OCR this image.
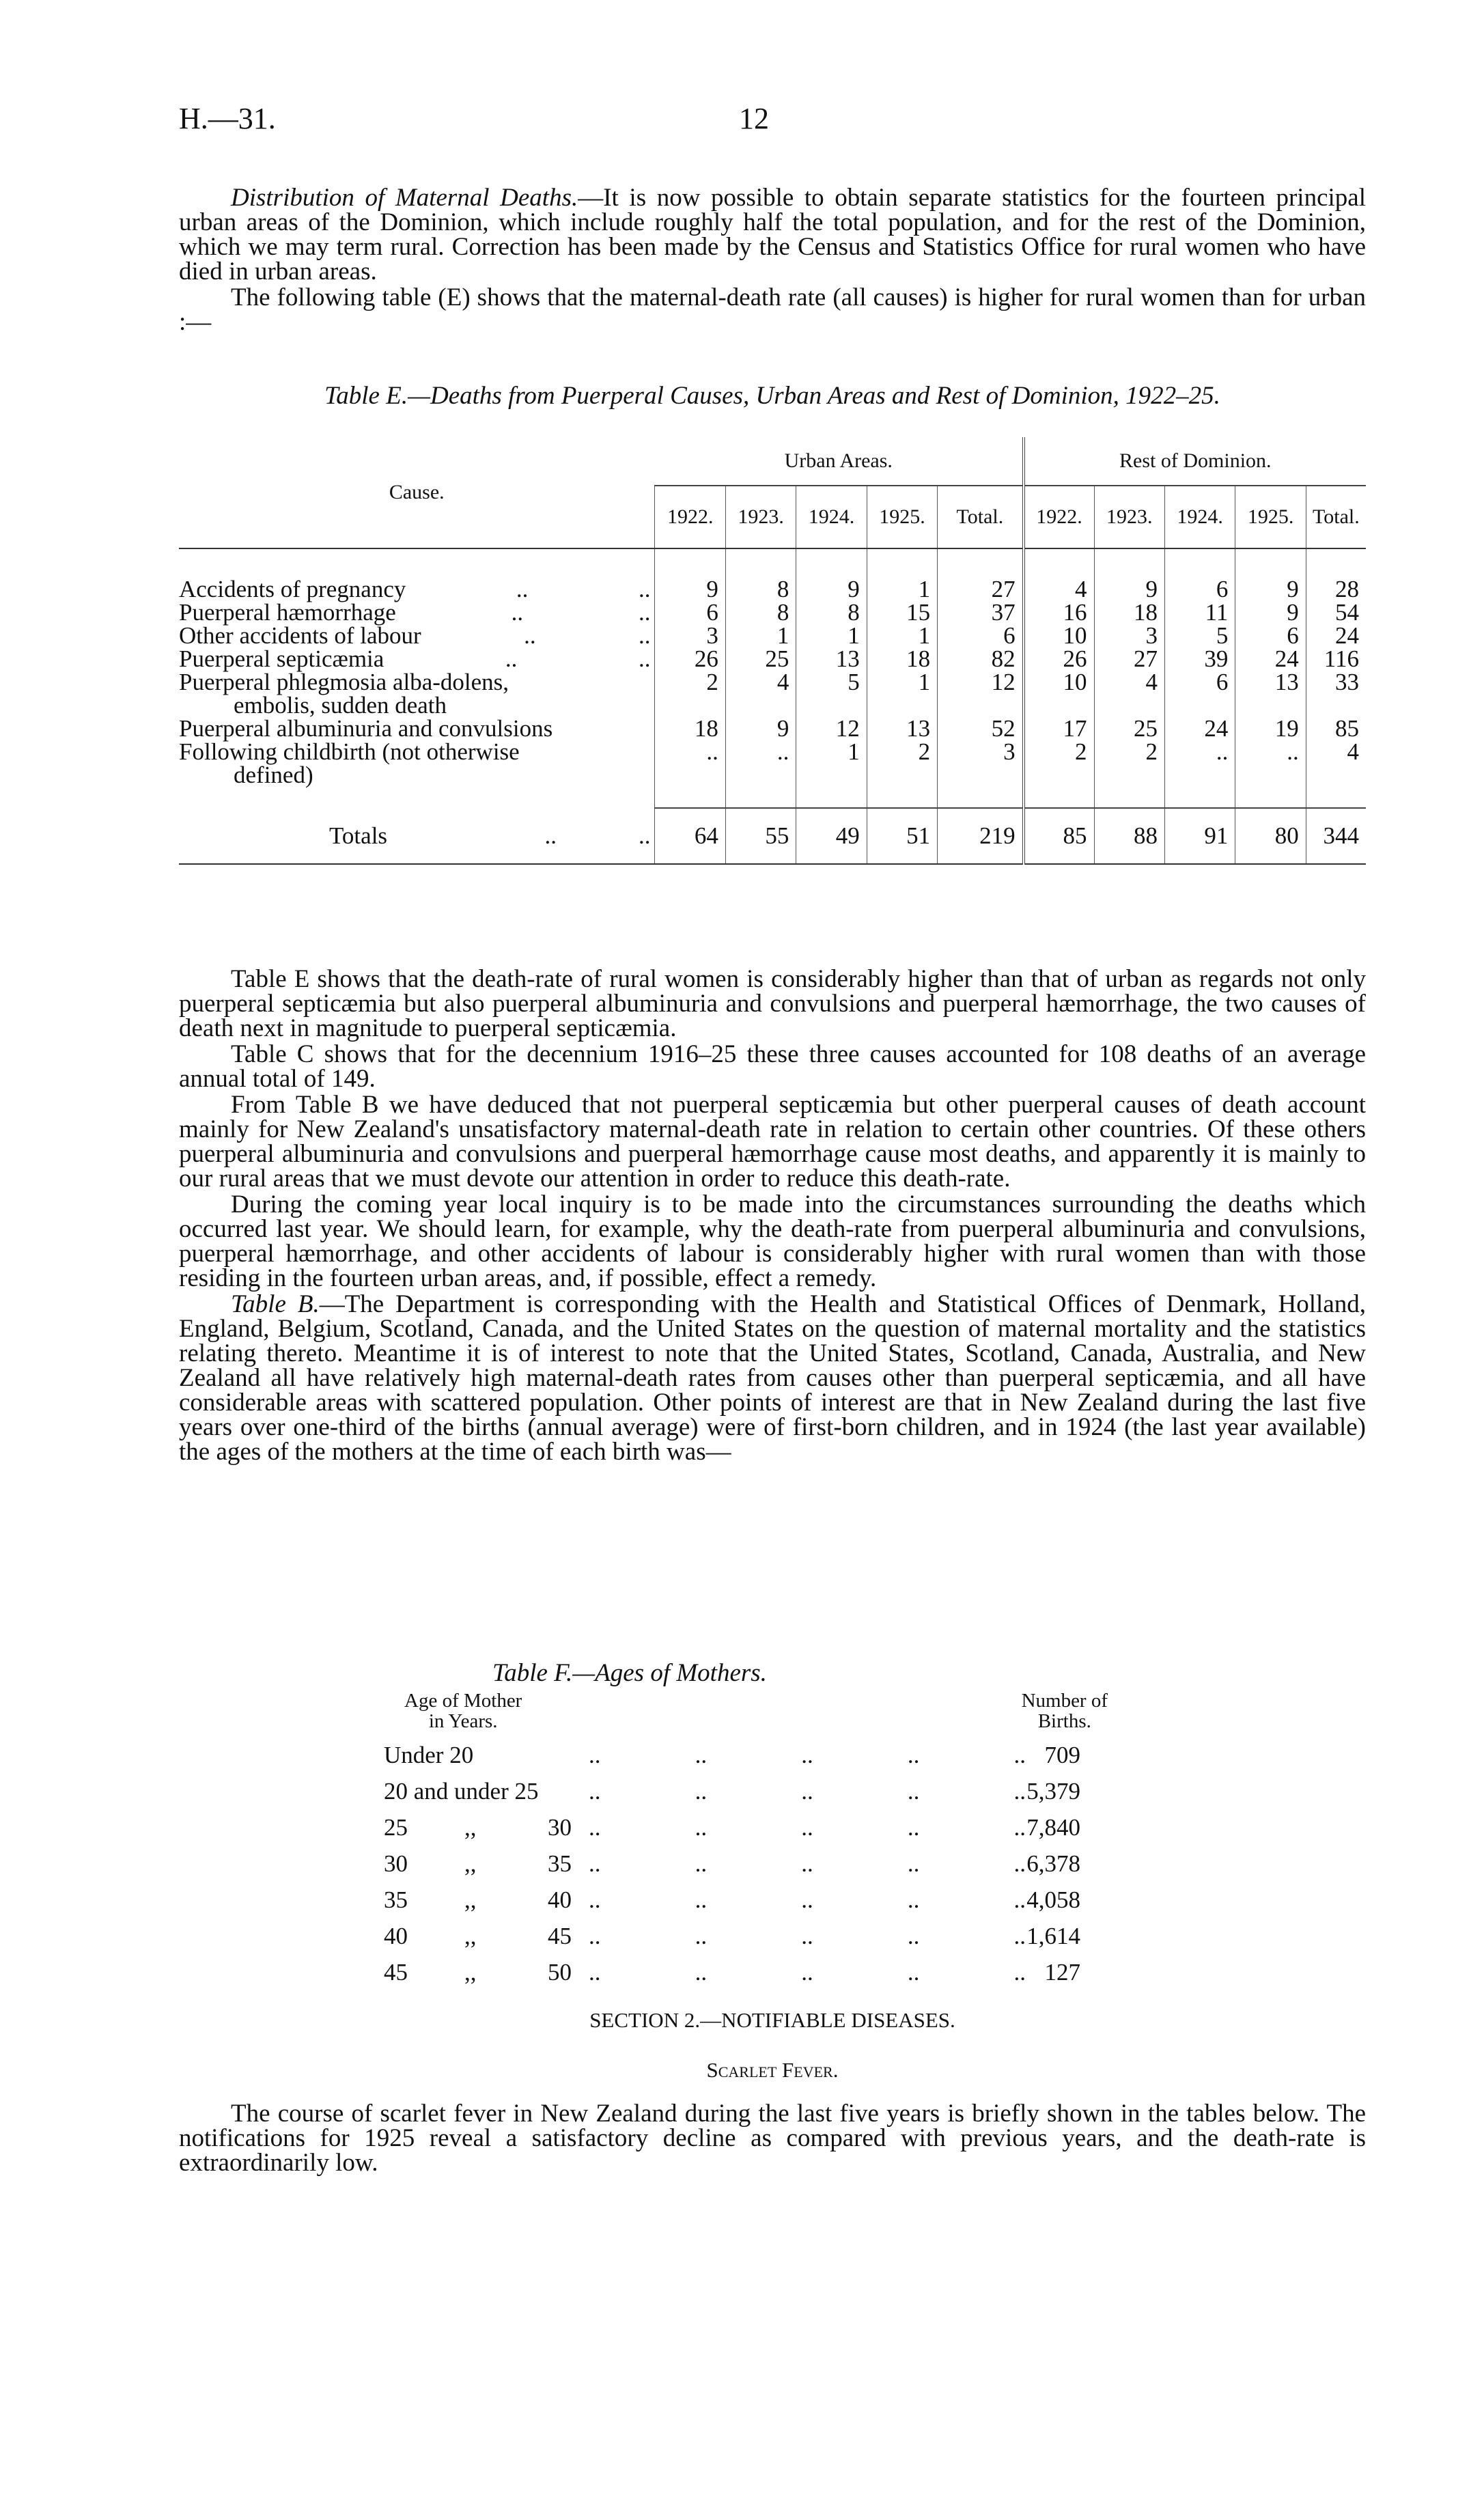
H.—31.	12

Distribution of Maternal Deaths.—It is now possible to obtain separate statistics for the fourteen principal urban areas of the Dominion, which include roughly half the total population, and for the rest of the Dominion, which we may term rural. Correction has been made by the Census and Statistics Office for rural women who have died in urban areas.

The following table (E) shows that the maternal-death rate (all causes) is higher for rural women than for urban :—

Table E.—Deaths from Puerperal Causes, Urban Areas and Rest of Dominion, 1922–25.
Cause.	Urban Areas.					Rest of Dominion.				
	1922.	1923.	1924.	1925.	Total.	1922.	1923.	1924.	1925.	Total.

Accidents of pregnancy .. ..	9	8	9	1	27	4	9	6	9	28

Puerperal hæmorrhage .. ..	6	8	8	15	37	16	18	11	9	54

Other accidents of labour .. ..	3	1	1	1	6	10	3	5	6	24

Puerperal septicæmia .. ..	26	25	13	18	82	26	27	39	24	116

Puerperal phlegmosia alba-dolens,
embolis, sudden death	2	4	5	1	12	10	4	6	13	33

Puerperal albuminuria and convulsions	18	9	12	13	52	17	25	24	19	85

Following childbirth (not otherwise
defined)	..	..	1	2	3	2	2	..	..	4

Totals .. ..	64	55	49	51	219	85	88	91	80	344

Table E shows that the death-rate of rural women is considerably higher than that of urban as regards not only puerperal septicæmia but also puerperal albuminuria and convulsions and puerperal hæmorrhage, the two causes of death next in magnitude to puerperal septicæmia.

Table C shows that for the decennium 1916–25 these three causes accounted for 108 deaths of an average annual total of 149.

From Table B we have deduced that not puerperal septicæmia but other puerperal causes of death account mainly for New Zealand's unsatisfactory maternal-death rate in relation to certain other countries. Of these others puerperal albuminuria and convulsions and puerperal hæmorrhage cause most deaths, and apparently it is mainly to our rural areas that we must devote our attention in order to reduce this death-rate.

During the coming year local inquiry is to be made into the circumstances surrounding the deaths which occurred last year. We should learn, for example, why the death-rate from puerperal albuminuria and convulsions, puerperal hæmorrhage, and other accidents of labour is considerably higher with rural women than with those residing in the fourteen urban areas, and, if possible, effect a remedy.

Table B.—The Department is corresponding with the Health and Statistical Offices of Denmark, Holland, England, Belgium, Scotland, Canada, and the United States on the question of maternal mortality and the statistics relating thereto. Meantime it is of interest to note that the United States, Scotland, Canada, Australia, and New Zealand all have relatively high maternal-death rates from causes other than puerperal septicæmia, and all have considerable areas with scattered population. Other points of interest are that in New Zealand during the last five years over one-third of the births (annual average) were of first-born children, and in 1924 (the last year available) the ages of the mothers at the time of each birth was—

Table F.—Ages of Mothers.
Age of Mother
in Years.
Number of
Births.
Under 20	..	..	..	..	.. 709
20 and under 25 ..	..	..	..	.. 5,379
25 ,,	30 ..	..	..	..	.. 7,840
30 ,,	35 ..	..	..	..	.. 6,378
35 ,,	40 ..	..	..	..	.. 4,058
40 ,,	45 ..	..	..	..	.. 1,614
45 ,,	50 ..	..	..	..	.. 127
SECTION 2.—NOTIFIABLE DISEASES.
Scarlet Fever.

The course of scarlet fever in New Zealand during the last five years is briefly shown in the tables below. The notifications for 1925 reveal a satisfactory decline as compared with previous years, and the death-rate is extraordinarily low.
